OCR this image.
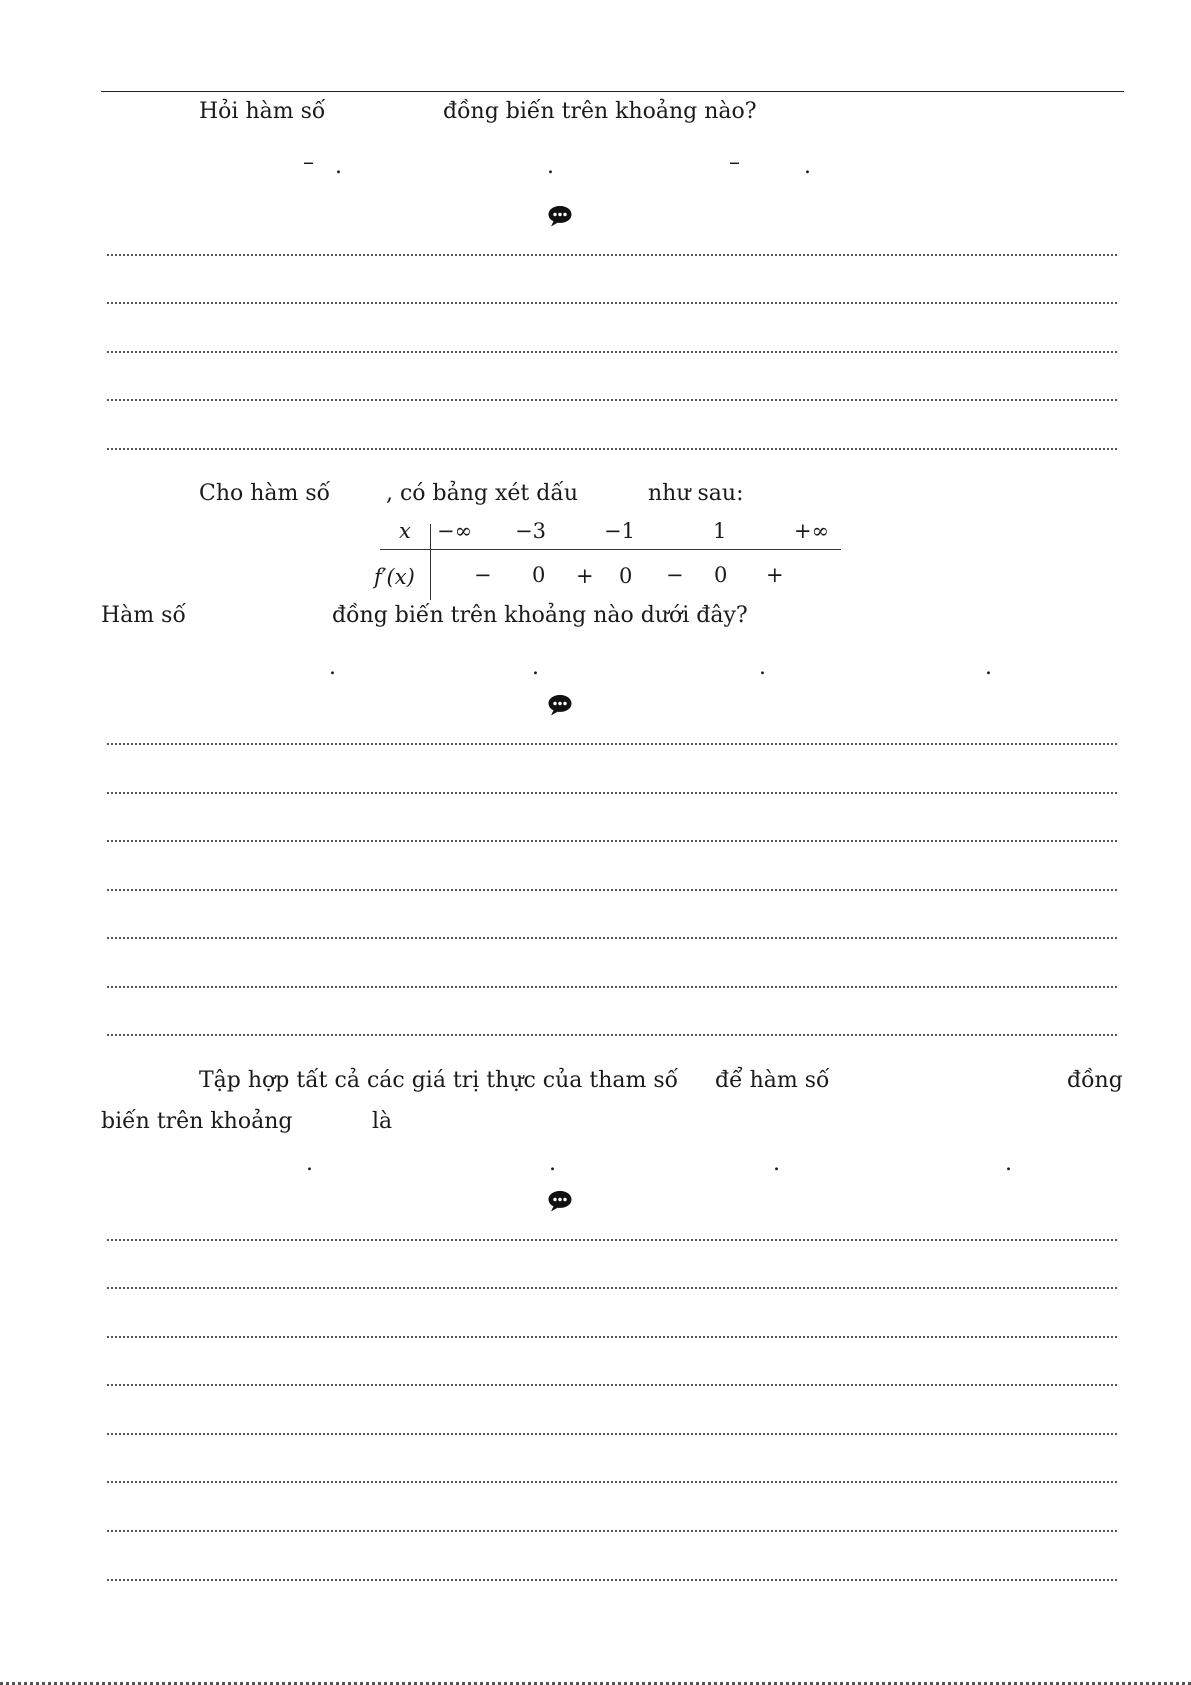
Hỏi hàm số	đồng biến trên khoảng nào?
– .	.	–	.
Cho hàm số	, có bảng xét dấu	như sau:
x −∞ −3	−1	1	+∞
f′(x)	− 0 + 0 − 0 +
Hàm số	đồng biến trên khoảng nào dưới đây?
.	.	.	.
Tập hợp tất cả các giá trị thực của tham số để hàm số	đồng
biến trên khoảng	là
.	.	.	.
